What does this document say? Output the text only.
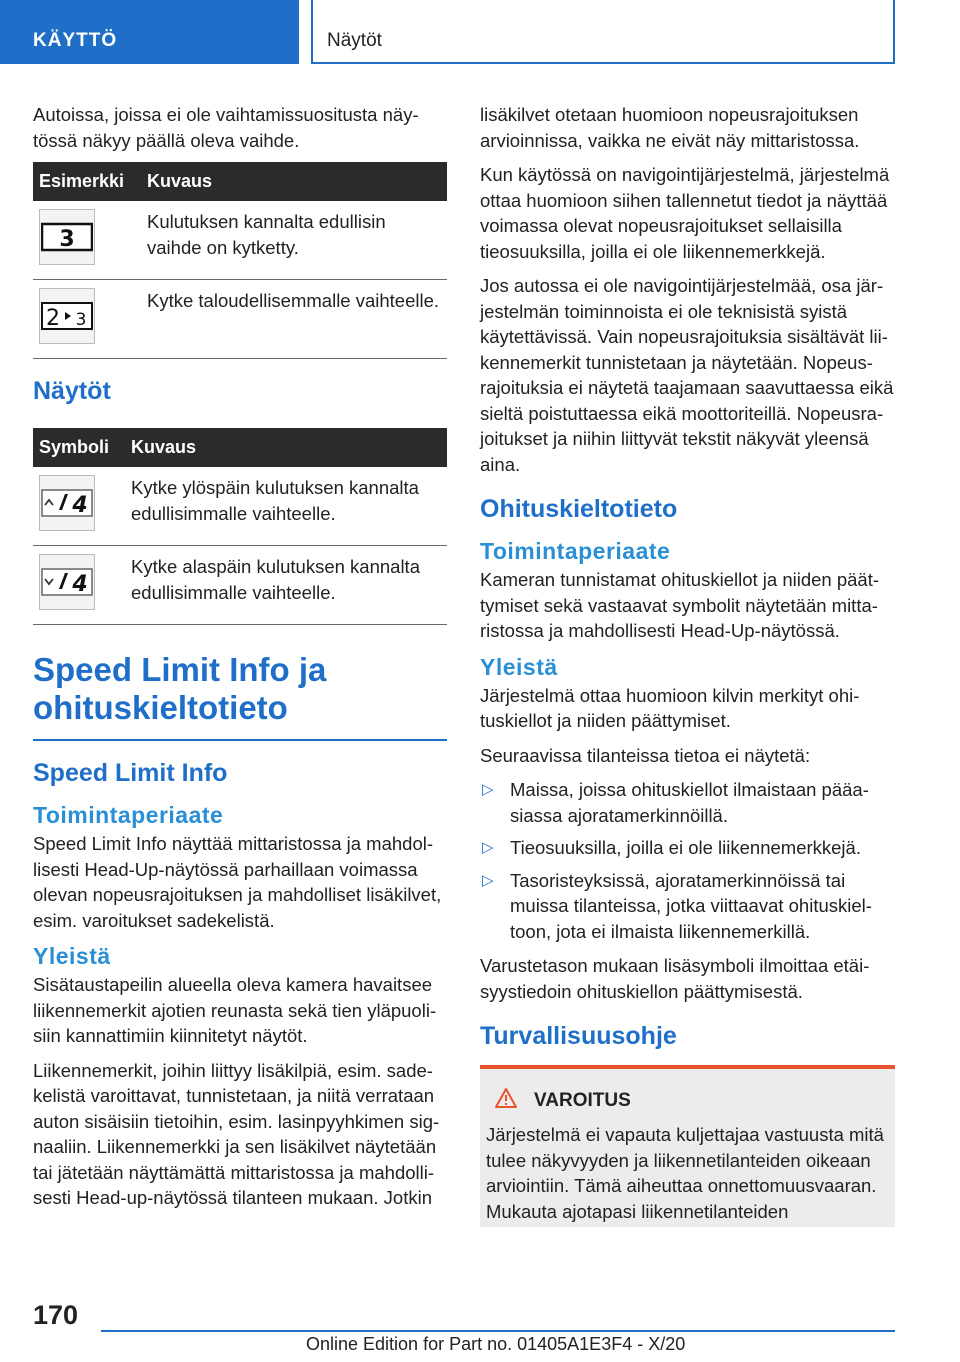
KÄYTTÖ	Näytöt

Autoissa, joissa ei ole vaihtamissuositusta näytössä näkyy päällä oleva vaihde.

Esimerkki	Kuvaus

3	Kulutuksen kannalta edullisin vaihde on kytketty.

2 3	Kytke taloudellisemmalle vaihteelle.
Näytöt
Symboli	Kuvaus

4	Kytke ylöspäin kulutuksen kannalta edullisimmalle vaihteelle.

4	Kytke alaspäin kulutuksen kannalta edullisimmalle vaihteelle.
Speed Limit Info ja ohituskieltotieto
Speed Limit Info
Toimintaperiaate

Speed Limit Info näyttää mittaristossa ja mahdollisesti Head-Up-näytössä parhaillaan voimassa olevan nopeusrajoituksen ja mahdolliset lisäkilvet, esim. varoitukset sadekelistä.

Yleistä

Sisätaustapeilin alueella oleva kamera havaitsee liikennemerkit ajotien reunasta sekä tien yläpuolisiin kannattimiin kiinnitetyt näytöt.

Liikennemerkit, joihin liittyy lisäkilpiä, esim. sadekelistä varoittavat, tunnistetaan, ja niitä verrataan auton sisäisiin tietoihin, esim. lasinpyyhkimen signaaliin. Liikennemerkki ja sen lisäkilvet näytetään tai jätetään näyttämättä mittaristossa ja mahdollisesti Head-up-näytössä tilanteen mukaan. Jotkin

lisäkilvet otetaan huomioon nopeusrajoituksen arvioinnissa, vaikka ne eivät näy mittaristossa.

Kun käytössä on navigointijärjestelmä, järjestelmä ottaa huomioon siihen tallennetut tiedot ja näyttää voimassa olevat nopeusrajoitukset sellaisilla tieosuuksilla, joilla ei ole liikennemerkkejä.

Jos autossa ei ole navigointijärjestelmää, osa järjestelmän toiminnoista ei ole teknisistä syistä käytettävissä. Vain nopeusrajoituksia sisältävät liikennemerkit tunnistetaan ja näytetään. Nopeusrajoituksia ei näytetä taajamaan saavuttaessa eikä sieltä poistuttaessa eikä moottoriteillä. Nopeusrajoitukset ja niihin liittyvät tekstit näkyvät yleensä aina.

Ohituskieltotieto
Toimintaperiaate

Kameran tunnistamat ohituskiellot ja niiden päättymiset sekä vastaavat symbolit näytetään mittaristossa ja mahdollisesti Head-Up-näytössä.

Yleistä

Järjestelmä ottaa huomioon kilvin merkityt ohituskiellot ja niiden päättymiset.

Seuraavissa tilanteissa tietoa ei näytetä:

▷ Maissa, joissa ohituskiellot ilmaistaan pääasiassa ajoratamerkinnöillä.
▷ Tieosuuksilla, joilla ei ole liikennemerkkejä.
▷ Tasoristeyksissä, ajoratamerkinnöissä tai muissa tilanteissa, jotka viittaavat ohituskieltoon, jota ei ilmaista liikennemerkillä.

Varustetason mukaan lisäsymboli ilmoittaa etäisyystiedoin ohituskiellon päättymisestä.

Turvallisuusohje
VAROITUS

Järjestelmä ei vapauta kuljettajaa vastuusta mitä tulee näkyvyyden ja liikennetilanteiden oikeaan arviointiin. Tämä aiheuttaa onnettomuusvaaran. Mukauta ajotapasi liikennetilanteiden

170
Online Edition for Part no. 01405A1E3F4 - X/20
